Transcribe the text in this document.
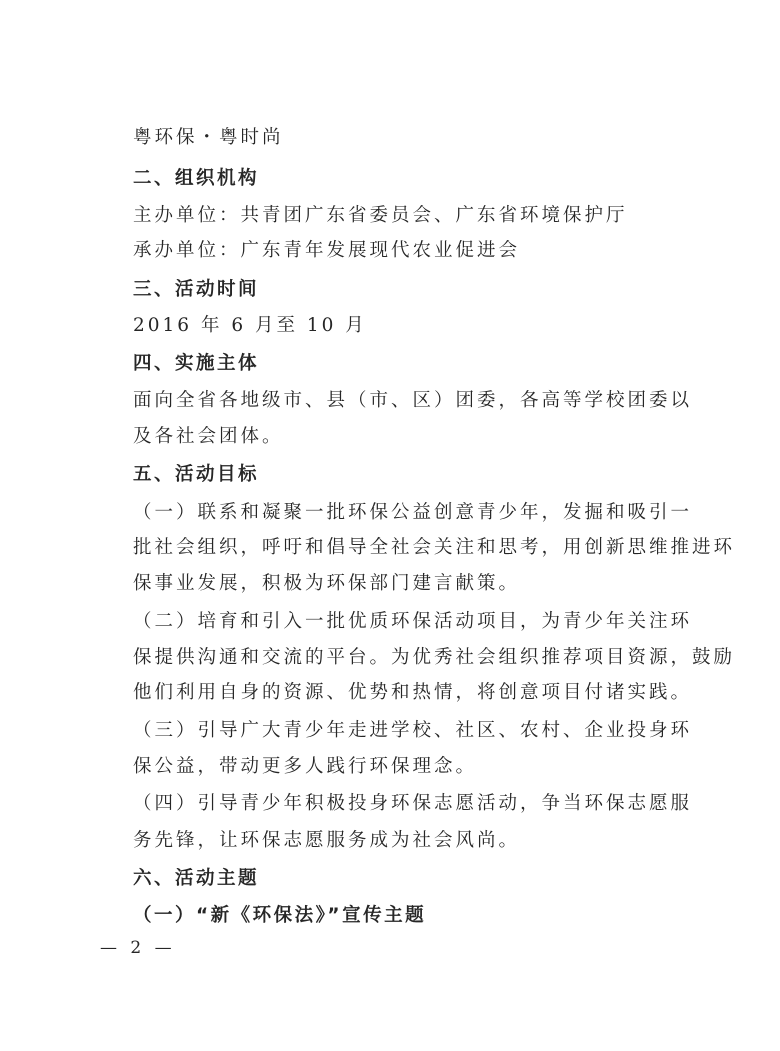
粤环保・粤时尚
二、组织机构
主办单位：共青团广东省委员会、广东省环境保护厅
承办单位：广东青年发展现代农业促进会
三、活动时间
2016 年 6 月至 10 月
四、实施主体
面向全省各地级市、县（市、区）团委，各高等学校团委以
及各社会团体。
五、活动目标
（一）联系和凝聚一批环保公益创意青少年，发掘和吸引一
批社会组织，呼吁和倡导全社会关注和思考，用创新思维推进环
保事业发展，积极为环保部门建言献策。
（二）培育和引入一批优质环保活动项目，为青少年关注环
保提供沟通和交流的平台。为优秀社会组织推荐项目资源，鼓励
他们利用自身的资源、优势和热情，将创意项目付诸实践。
（三）引导广大青少年走进学校、社区、农村、企业投身环
保公益，带动更多人践行环保理念。
（四）引导青少年积极投身环保志愿活动，争当环保志愿服
务先锋，让环保志愿服务成为社会风尚。
六、活动主题
（一）“新《环保法》”宣传主题
— 2 —
